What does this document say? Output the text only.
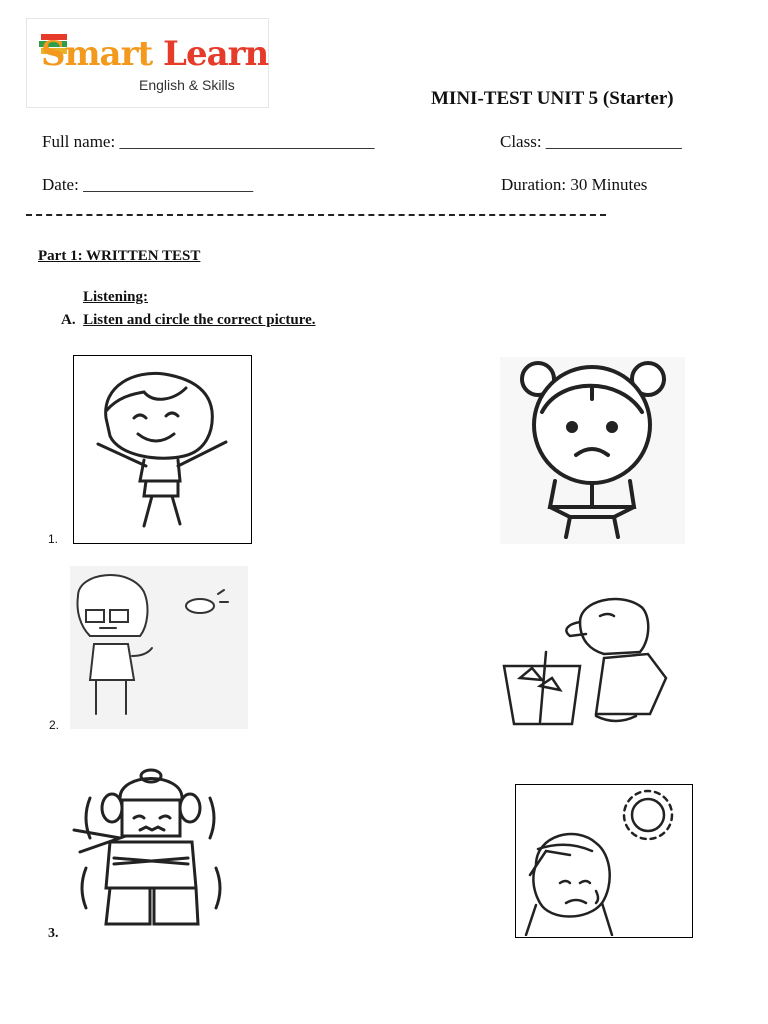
Smart Learn
English & Skills
MINI-TEST UNIT 5 (Starter)
Full name: ______________________________	Class: ________________
Date: ____________________	Duration: 30 Minutes
Part 1: WRITTEN TEST
Listening:
A. Listen and circle the correct picture.
1.
2.
3.
